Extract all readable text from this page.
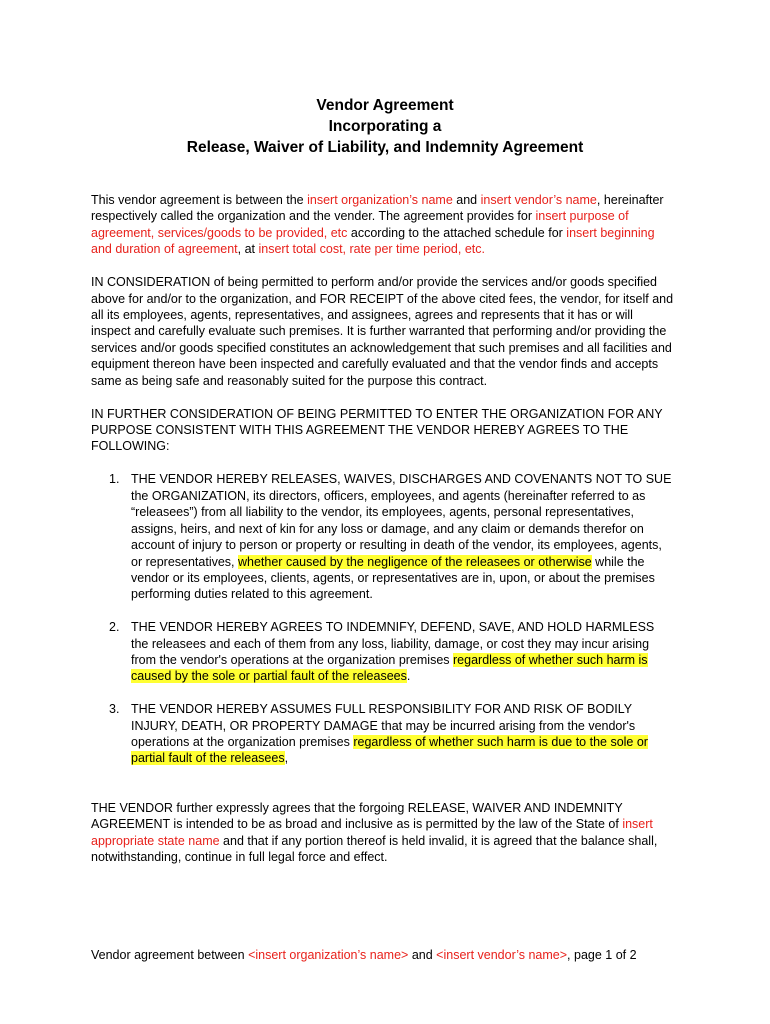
Vendor Agreement
Incorporating a
Release, Waiver of Liability, and Indemnity Agreement

This vendor agreement is between the insert organization’s name and insert vendor’s name, hereinafter respectively called the organization and the vender. The agreement provides for insert purpose of agreement, services/goods to be provided, etc according to the attached schedule for insert beginning and duration of agreement, at insert total cost, rate per time period, etc.

IN CONSIDERATION of being permitted to perform and/or provide the services and/or goods specified above for and/or to the organization, and FOR RECEIPT of the above cited fees, the vendor, for itself and all its employees, agents, representatives, and assignees, agrees and represents that it has or will inspect and carefully evaluate such premises. It is further warranted that performing and/or providing the services and/or goods specified constitutes an acknowledgement that such premises and all facilities and equipment thereon have been inspected and carefully evaluated and that the vendor finds and accepts same as being safe and reasonably suited for the purpose this contract.

IN FURTHER CONSIDERATION OF BEING PERMITTED TO ENTER THE ORGANIZATION FOR ANY PURPOSE CONSISTENT WITH THIS AGREEMENT THE VENDOR HEREBY AGREES TO THE FOLLOWING:

1. THE VENDOR HEREBY RELEASES, WAIVES, DISCHARGES AND COVENANTS NOT TO SUE the ORGANIZATION, its directors, officers, employees, and agents (hereinafter referred to as “releasees”) from all liability to the vendor, its employees, agents, personal representatives, assigns, heirs, and next of kin for any loss or damage, and any claim or demands therefor on account of injury to person or property or resulting in death of the vendor, its employees, agents, or representatives, whether caused by the negligence of the releasees or otherwise while the vendor or its employees, clients, agents, or representatives are in, upon, or about the premises performing duties related to this agreement.
2. THE VENDOR HEREBY AGREES TO INDEMNIFY, DEFEND, SAVE, AND HOLD HARMLESS the releasees and each of them from any loss, liability, damage, or cost they may incur arising from the vendor's operations at the organization premises regardless of whether such harm is caused by the sole or partial fault of the releasees.
3. THE VENDOR HEREBY ASSUMES FULL RESPONSIBILITY FOR AND RISK OF BODILY INJURY, DEATH, OR PROPERTY DAMAGE that may be incurred arising from the vendor's operations at the organization premises regardless of whether such harm is due to the sole or partial fault of the releasees,

THE VENDOR further expressly agrees that the forgoing RELEASE, WAIVER AND INDEMNITY AGREEMENT is intended to be as broad and inclusive as is permitted by the law of the State of insert appropriate state name and that if any portion thereof is held invalid, it is agreed that the balance shall, notwithstanding, continue in full legal force and effect.

Vendor agreement between <insert organization’s name> and <insert vendor’s name>, page 1 of 2
